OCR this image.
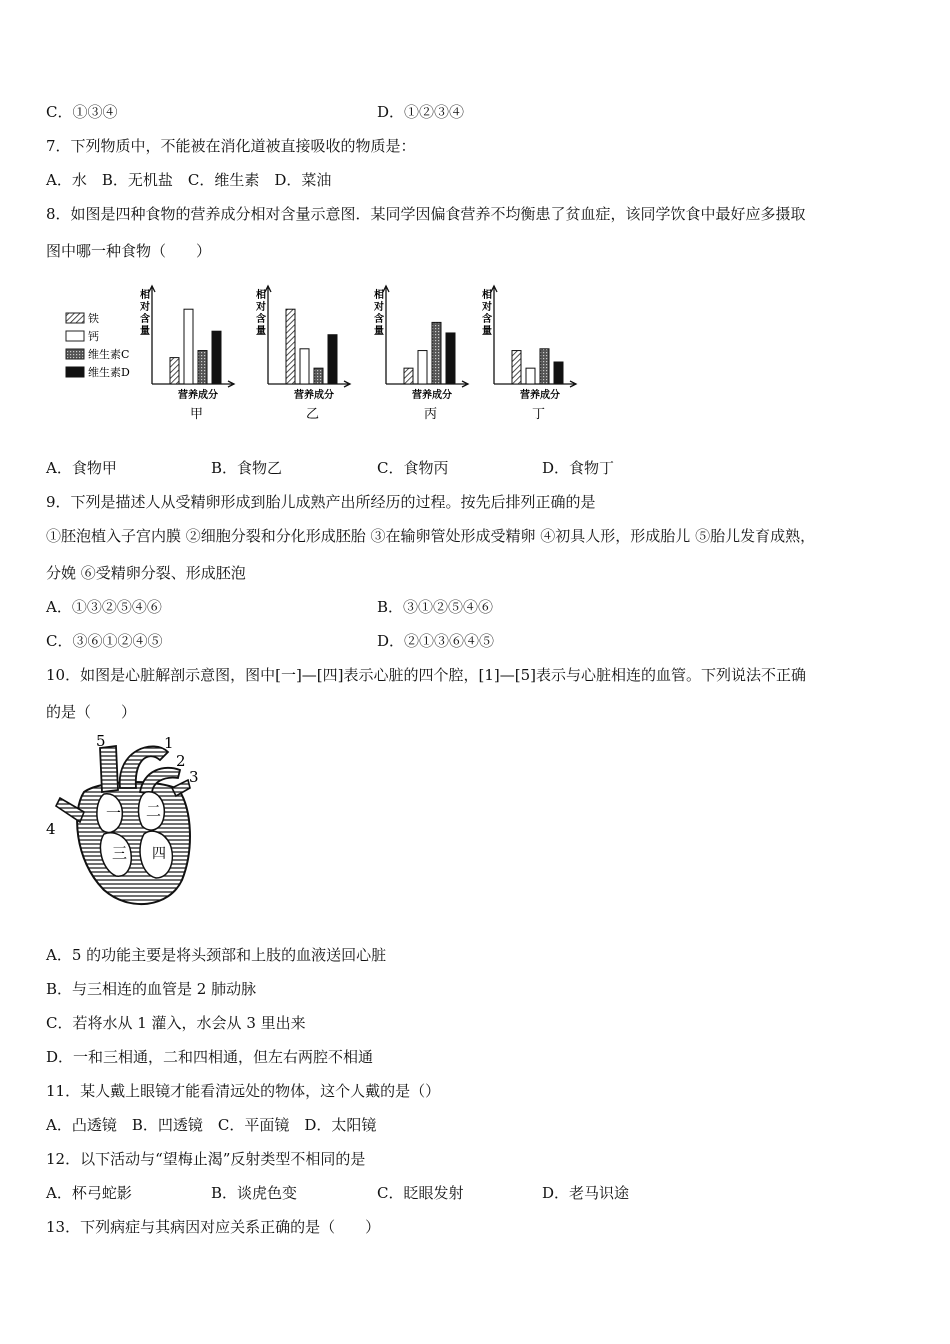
C．①③④	D．①②③④
7．下列物质中，不能被在消化道被直接吸收的物质是：
A．水　B．无机盐　C．维生素　D．菜油
8．如图是四种食物的营养成分相对含量示意图．某同学因偏食营养不均衡患了贫血症，该同学饮食中最好应多摄取
图中哪一种食物（　　）
铁
钙
维生素C
维生素D
相对含量
营养成分
甲
相对含量
营养成分
乙
相对含量
营养成分
丙
相对含量
营养成分
丁
A．食物甲	B．食物乙	C．食物丙	D．食物丁
9．下列是描述人从受精卵形成到胎儿成熟产出所经历的过程。按先后排列正确的是
①胚泡植入子宫内膜 ②细胞分裂和分化形成胚胎 ③在输卵管处形成受精卵 ④初具人形，形成胎儿 ⑤胎儿发育成熟，
分娩 ⑥受精卵分裂、形成胚泡
A．①③②⑤④⑥	B．③①②⑤④⑥
C．③⑥①②④⑤	D．②①③⑥④⑤
10．如图是心脏解剖示意图，图中[一]—[四]表示心脏的四个腔，[1]—[5]表示与心脏相连的血管。下列说法不正确
的是（　　）
一 二
三 四
5	1
2
3
4
A．5 的功能主要是将头颈部和上肢的血液送回心脏
B．与三相连的血管是 2 肺动脉
C．若将水从 1 灌入，水会从 3 里出来
D．一和三相通，二和四相通，但左右两腔不相通
11．某人戴上眼镜才能看清远处的物体，这个人戴的是（）
A．凸透镜　B．凹透镜　C．平面镜　D．太阳镜
12．以下活动与“望梅止渴”反射类型不相同的是
A．杯弓蛇影	B．谈虎色变	C．眨眼发射	D．老马识途
13．下列病症与其病因对应关系正确的是（　　）
